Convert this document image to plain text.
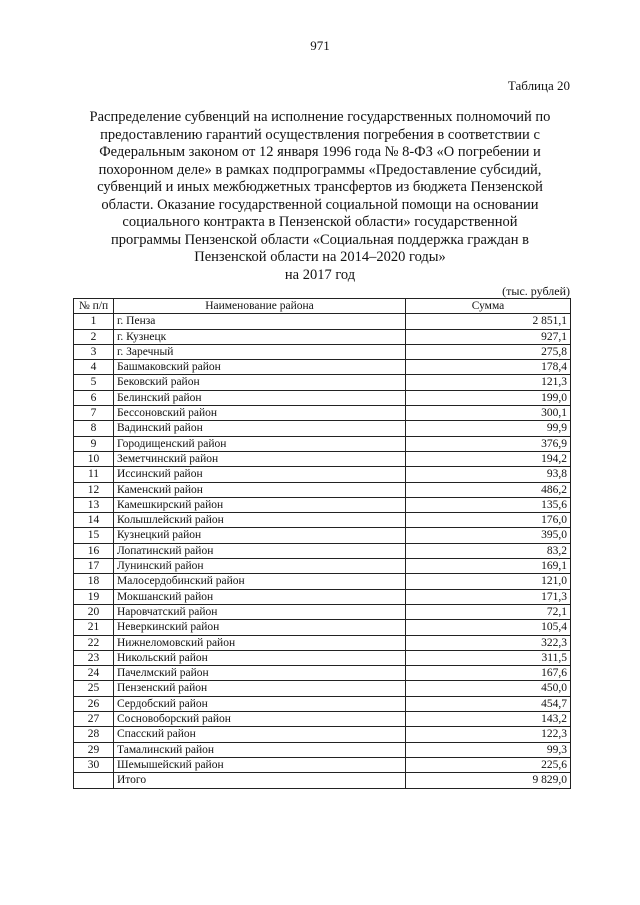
971
Таблица 20
Распределение субвенций на исполнение государственных полномочий по
предоставлению гарантий осуществления погребения в соответствии с
Федеральным законом от 12 января 1996 года № 8-ФЗ «О погребении и
похоронном деле» в рамках подпрограммы «Предоставление субсидий,
субвенций и иных межбюджетных трансфертов из бюджета Пензенской
области. Оказание государственной социальной помощи на основании
социального контракта в Пензенской области» государственной
программы Пензенской области «Социальная поддержка граждан в
Пензенской области на 2014–2020 годы»
на 2017 год
(тыс. рублей)
№ п/п	Наименование района	Сумма
1	г. Пенза	2 851,1
2	г. Кузнецк	927,1
3	г. Заречный	275,8
4	Башмаковский район	178,4
5	Бековский район	121,3
6	Белинский район	199,0
7	Бессоновский район	300,1
8	Вадинский район	99,9
9	Городищенский район	376,9
10	Земетчинский район	194,2
11	Иссинский район	93,8
12	Каменский район	486,2
13	Камешкирский район	135,6
14	Колышлейский район	176,0
15	Кузнецкий район	395,0
16	Лопатинский район	83,2
17	Лунинский район	169,1
18	Малосердобинский район	121,0
19	Мокшанский район	171,3
20	Наровчатский район	72,1
21	Неверкинский район	105,4
22	Нижнеломовский район	322,3
23	Никольский район	311,5
24	Пачелмский район	167,6
25	Пензенский район	450,0
26	Сердобский район	454,7
27	Сосновоборский район	143,2
28	Спасский район	122,3
29	Тамалинский район	99,3
30	Шемышейский район	225,6
	Итого	9 829,0
